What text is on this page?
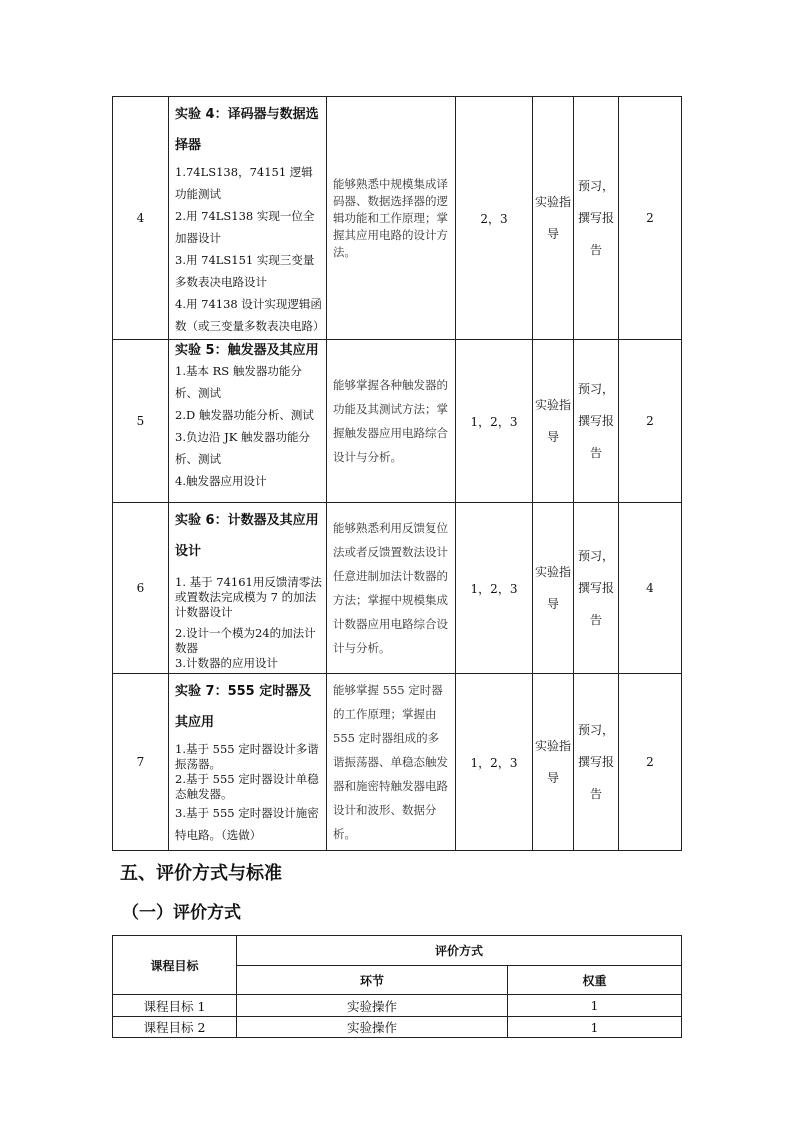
4	实验 4：译码器与数据选择器
1.74LS138，74151 逻辑功能测试
2.用 74LS138 实现一位全加器设计
3.用 74LS151 实现三变量多数表决电路设计
4.用 74138 设计实现逻辑函数（或三变量多数表决电路）	能够熟悉中规模集成译码器、数据选择器的逻辑功能和工作原理；掌握其应用电路的设计方法。	2，3	实验指导	预习，撰写报告	2
5	实验 5：触发器及其应用
1.基本 RS 触发器功能分析、测试
2.D 触发器功能分析、测试
3.负边沿 JK 触发器功能分析、测试
4.触发器应用设计	能够掌握各种触发器的功能及其测试方法；掌握触发器应用电路综合设计与分析。	1，2，3	实验指导	预习，撰写报告	2
6	实验 6：计数器及其应用设计
1. 基于 74161用反馈清零法或置数法完成模为 7 的加法计数器设计
2.设计一个模为24的加法计数器
3.计数器的应用设计	能够熟悉利用反馈复位法或者反馈置数法设计任意进制加法计数器的方法；掌握中规模集成计数器应用电路综合设计与分析。	1，2，3	实验指导	预习，撰写报告	4
7	实验 7：555 定时器及其应用
1.基于 555 定时器设计多谐振荡器。
2.基于 555 定时器设计单稳态触发器。
3.基于 555 定时器设计施密特电路。（选做）	能够掌握 555 定时器的工作原理；掌握由 555 定时器组成的多谐振荡器、单稳态触发器和施密特触发器电路设计和波形、数据分析。	1，2，3	实验指导	预习，撰写报告	2
五、评价方式与标准
（一）评价方式
课程目标	评价方式	
	环节	权重
课程目标 1	实验操作	1
课程目标 2	实验操作	1
